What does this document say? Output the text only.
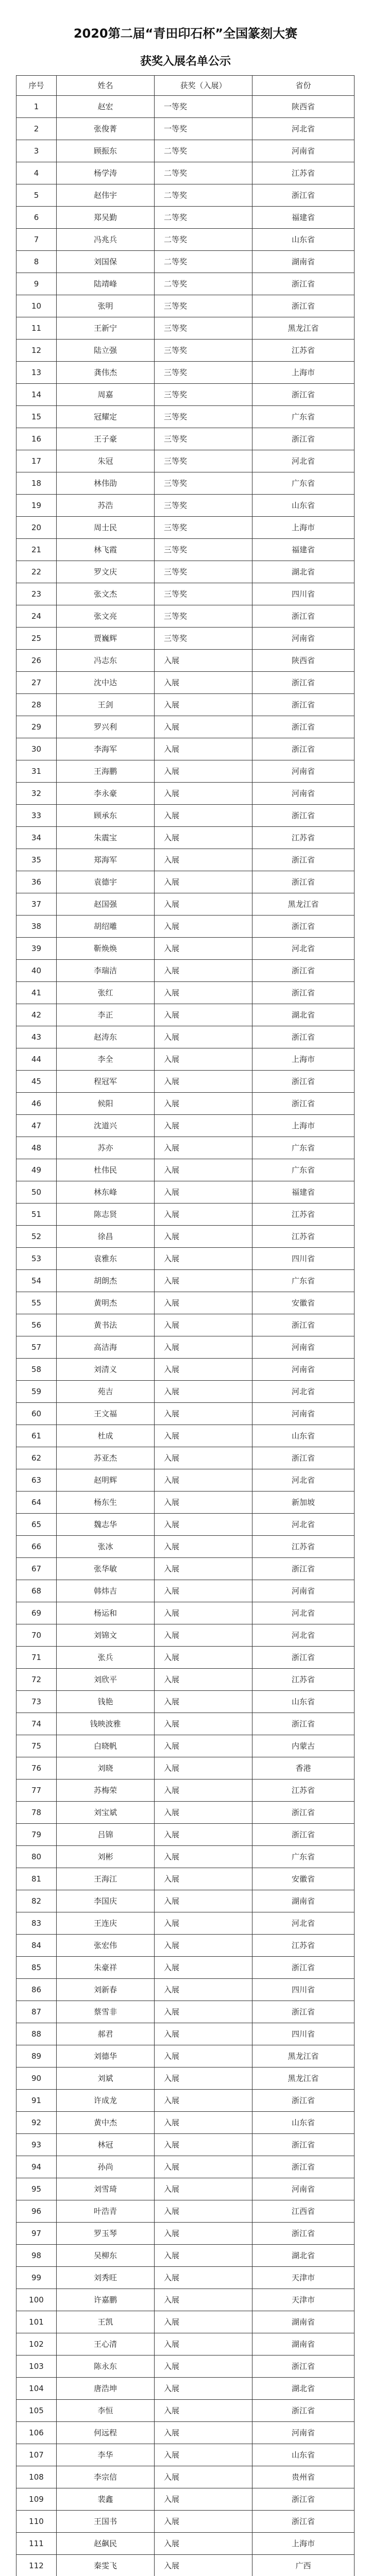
2020第二届“青田印石杯”全国篆刻大赛
获奖入展名单公示
序号	姓名	获奖（入展）	省份
1	赵宏	一等奖	陕西省
2	张俊菁	一等奖	河北省
3	顾振东	二等奖	河南省
4	杨学涛	二等奖	江苏省
5	赵伟宇	二等奖	浙江省
6	郑吴勤	二等奖	福建省
7	冯兆兵	二等奖	山东省
8	刘国保	二等奖	湖南省
9	陆靖峰	二等奖	浙江省
10	张明	三等奖	浙江省
11	王新宁	三等奖	黑龙江省
12	陆立强	三等奖	江苏省
13	龚伟杰	三等奖	上海市
14	周嘉	三等奖	浙江省
15	冠耀定	三等奖	广东省
16	王子豪	三等奖	浙江省
17	朱冠	三等奖	河北省
18	林伟劭	三等奖	广东省
19	苏浩	三等奖	山东省
20	周士民	三等奖	上海市
21	林飞霞	三等奖	福建省
22	罗文庆	三等奖	湖北省
23	张文杰	三等奖	四川省
24	张文亮	三等奖	浙江省
25	贾巍辉	三等奖	河南省
26	冯志东	入展	陕西省
27	沈中达	入展	浙江省
28	王剑	入展	浙江省
29	罗兴利	入展	浙江省
30	李海军	入展	浙江省
31	王海鹏	入展	河南省
32	李永豪	入展	河南省
33	顾承东	入展	浙江省
34	朱震宝	入展	江苏省
35	郑海军	入展	浙江省
36	袁德宇	入展	浙江省
37	赵国强	入展	黑龙江省
38	胡绍雕	入展	浙江省
39	靳焕焕	入展	河北省
40	李瑞洁	入展	浙江省
41	张红	入展	浙江省
42	李正	入展	湖北省
43	赵涛东	入展	浙江省
44	李全	入展	上海市
45	程冠军	入展	浙江省
46	候阳	入展	浙江省
47	沈道兴	入展	上海市
48	苏亦	入展	广东省
49	杜伟民	入展	广东省
50	林东峰	入展	福建省
51	陈志贤	入展	江苏省
52	徐昌	入展	江苏省
53	袁雅东	入展	四川省
54	胡朗杰	入展	广东省
55	黄明杰	入展	安徽省
56	黄书法	入展	浙江省
57	高洁海	入展	河南省
58	刘清义	入展	河南省
59	苑吉	入展	河北省
60	王文福	入展	河南省
61	杜成	入展	山东省
62	苏亚杰	入展	浙江省
63	赵明辉	入展	河北省
64	杨东生	入展	新加坡
65	魏志华	入展	河北省
66	张冰	入展	江苏省
67	张华敏	入展	浙江省
68	韩炜吉	入展	河南省
69	杨运和	入展	河北省
70	刘锦文	入展	河北省
71	张兵	入展	浙江省
72	刘欣平	入展	江苏省
73	钱艳	入展	山东省
74	钱映波雅	入展	浙江省
75	白晓帆	入展	内蒙古
76	刘晓	入展	香港
77	苏梅荣	入展	江苏省
78	刘宝斌	入展	浙江省
79	吕锦	入展	浙江省
80	刘彬	入展	广东省
81	王海江	入展	安徽省
82	李国庆	入展	湖南省
83	王连庆	入展	河北省
84	张宏伟	入展	江苏省
85	朱豪祥	入展	浙江省
86	刘新春	入展	四川省
87	蔡雪非	入展	浙江省
88	郝君	入展	四川省
89	刘德华	入展	黑龙江省
90	刘斌	入展	黑龙江省
91	许成龙	入展	浙江省
92	黄中杰	入展	山东省
93	林冠	入展	浙江省
94	孙尚	入展	浙江省
95	刘雪琦	入展	河南省
96	叶浩青	入展	江西省
97	罗玉琴	入展	浙江省
98	吴柳东	入展	湖北省
99	刘秀旺	入展	天津市
100	许嘉鹏	入展	天津市
101	王凯	入展	湖南省
102	王心清	入展	湖南省
103	陈永东	入展	浙江省
104	唐浩坤	入展	湖北省
105	李恒	入展	浙江省
106	何远程	入展	河南省
107	李华	入展	山东省
108	李宗信	入展	贵州省
109	裴鑫	入展	浙江省
110	王国书	入展	浙江省
111	赵飙民	入展	上海市
112	秦雯飞	入展	广西
